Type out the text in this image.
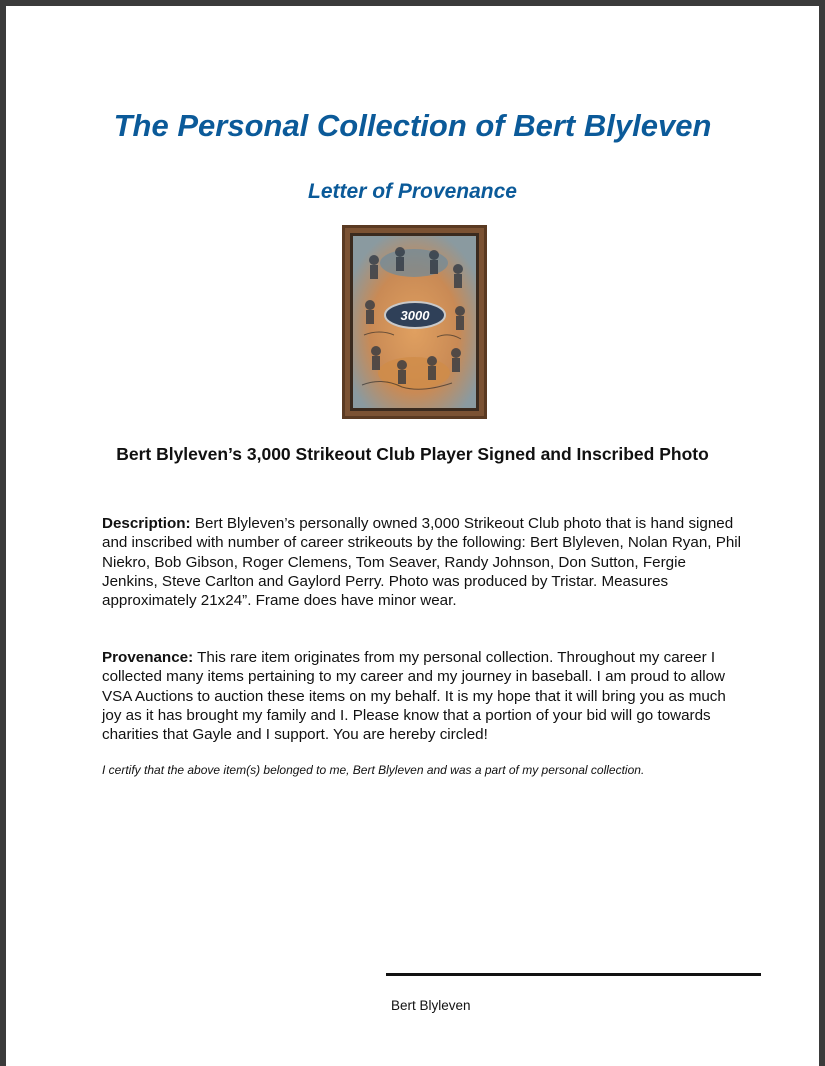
The Personal Collection of Bert Blyleven
Letter of Provenance
3000
Bert Blyleven’s 3,000 Strikeout Club Player Signed and Inscribed Photo
Description: Bert Blyleven’s personally owned 3,000 Strikeout Club photo that is hand signed and inscribed with number of career strikeouts by the following: Bert Blyleven, Nolan Ryan, Phil Niekro, Bob Gibson, Roger Clemens, Tom Seaver, Randy Johnson, Don Sutton, Fergie Jenkins, Steve Carlton and Gaylord Perry. Photo was produced by Tristar. Measures approximately 21x24”. Frame does have minor wear.
Provenance: This rare item originates from my personal collection. Throughout my career I collected many items pertaining to my career and my journey in baseball. I am proud to allow VSA Auctions to auction these items on my behalf. It is my hope that it will bring you as much joy as it has brought my family and I. Please know that a portion of your bid will go towards charities that Gayle and I support. You are hereby circled!
I certify that the above item(s) belonged to me, Bert Blyleven and was a part of my personal collection.
Bert Blyleven
